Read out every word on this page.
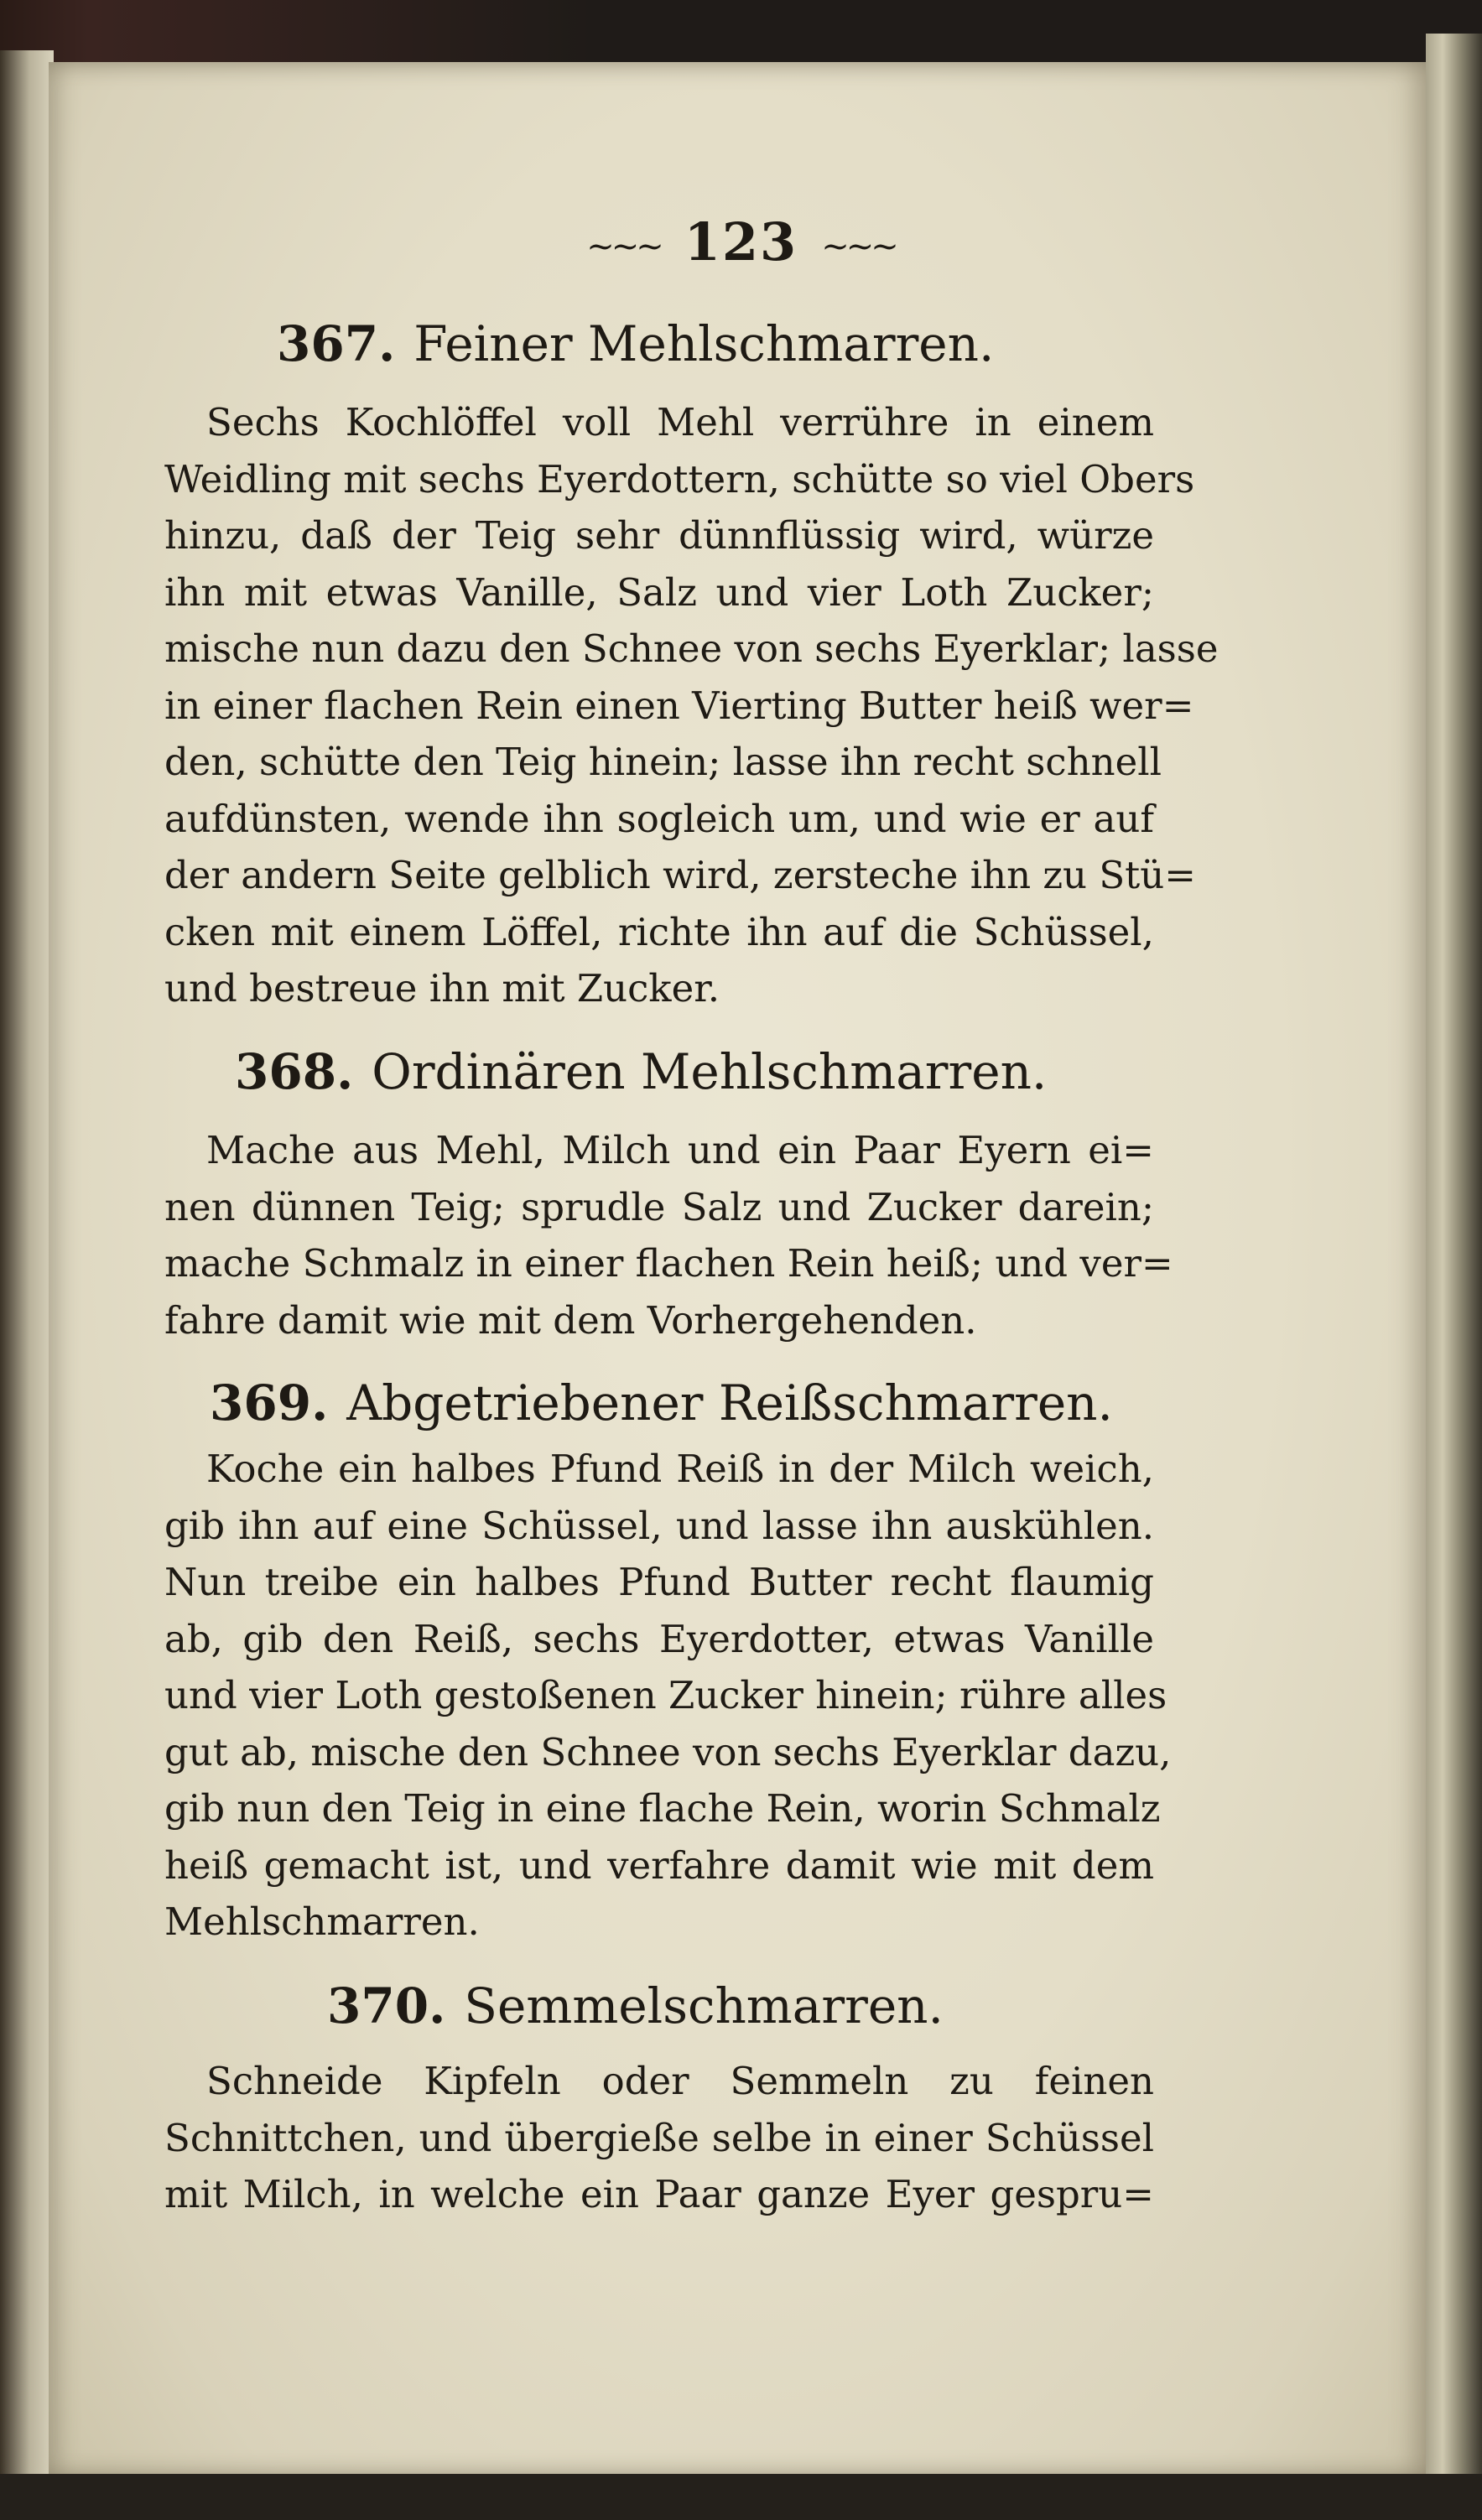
~~~ 123 ~~~
367. Feiner Mehlschmarren.
Sechs Kochlöffel voll Mehl verrühre in einem
Weidling mit sechs Eyerdottern, schütte so viel Obers
hinzu, daß der Teig sehr dünnflüssig wird, würze
ihn mit etwas Vanille, Salz und vier Loth Zucker;
mische nun dazu den Schnee von sechs Eyerklar; lasse
in einer flachen Rein einen Vierting Butter heiß wer=
den, schütte den Teig hinein; lasse ihn recht schnell
aufdünsten, wende ihn sogleich um, und wie er auf
der andern Seite gelblich wird, zersteche ihn zu Stü=
cken mit einem Löffel, richte ihn auf die Schüssel,
und bestreue ihn mit Zucker.
368. Ordinären Mehlschmarren.
Mache aus Mehl, Milch und ein Paar Eyern ei=
nen dünnen Teig; sprudle Salz und Zucker darein;
mache Schmalz in einer flachen Rein heiß; und ver=
fahre damit wie mit dem Vorhergehenden.
369. Abgetriebener Reißschmarren.
Koche ein halbes Pfund Reiß in der Milch weich,
gib ihn auf eine Schüssel, und lasse ihn auskühlen.
Nun treibe ein halbes Pfund Butter recht flaumig
ab, gib den Reiß, sechs Eyerdotter, etwas Vanille
und vier Loth gestoßenen Zucker hinein; rühre alles
gut ab, mische den Schnee von sechs Eyerklar dazu,
gib nun den Teig in eine flache Rein, worin Schmalz
heiß gemacht ist, und verfahre damit wie mit dem
Mehlschmarren.
370. Semmelschmarren.
Schneide Kipfeln oder Semmeln zu feinen
Schnittchen, und übergieße selbe in einer Schüssel
mit Milch, in welche ein Paar ganze Eyer gespru=
